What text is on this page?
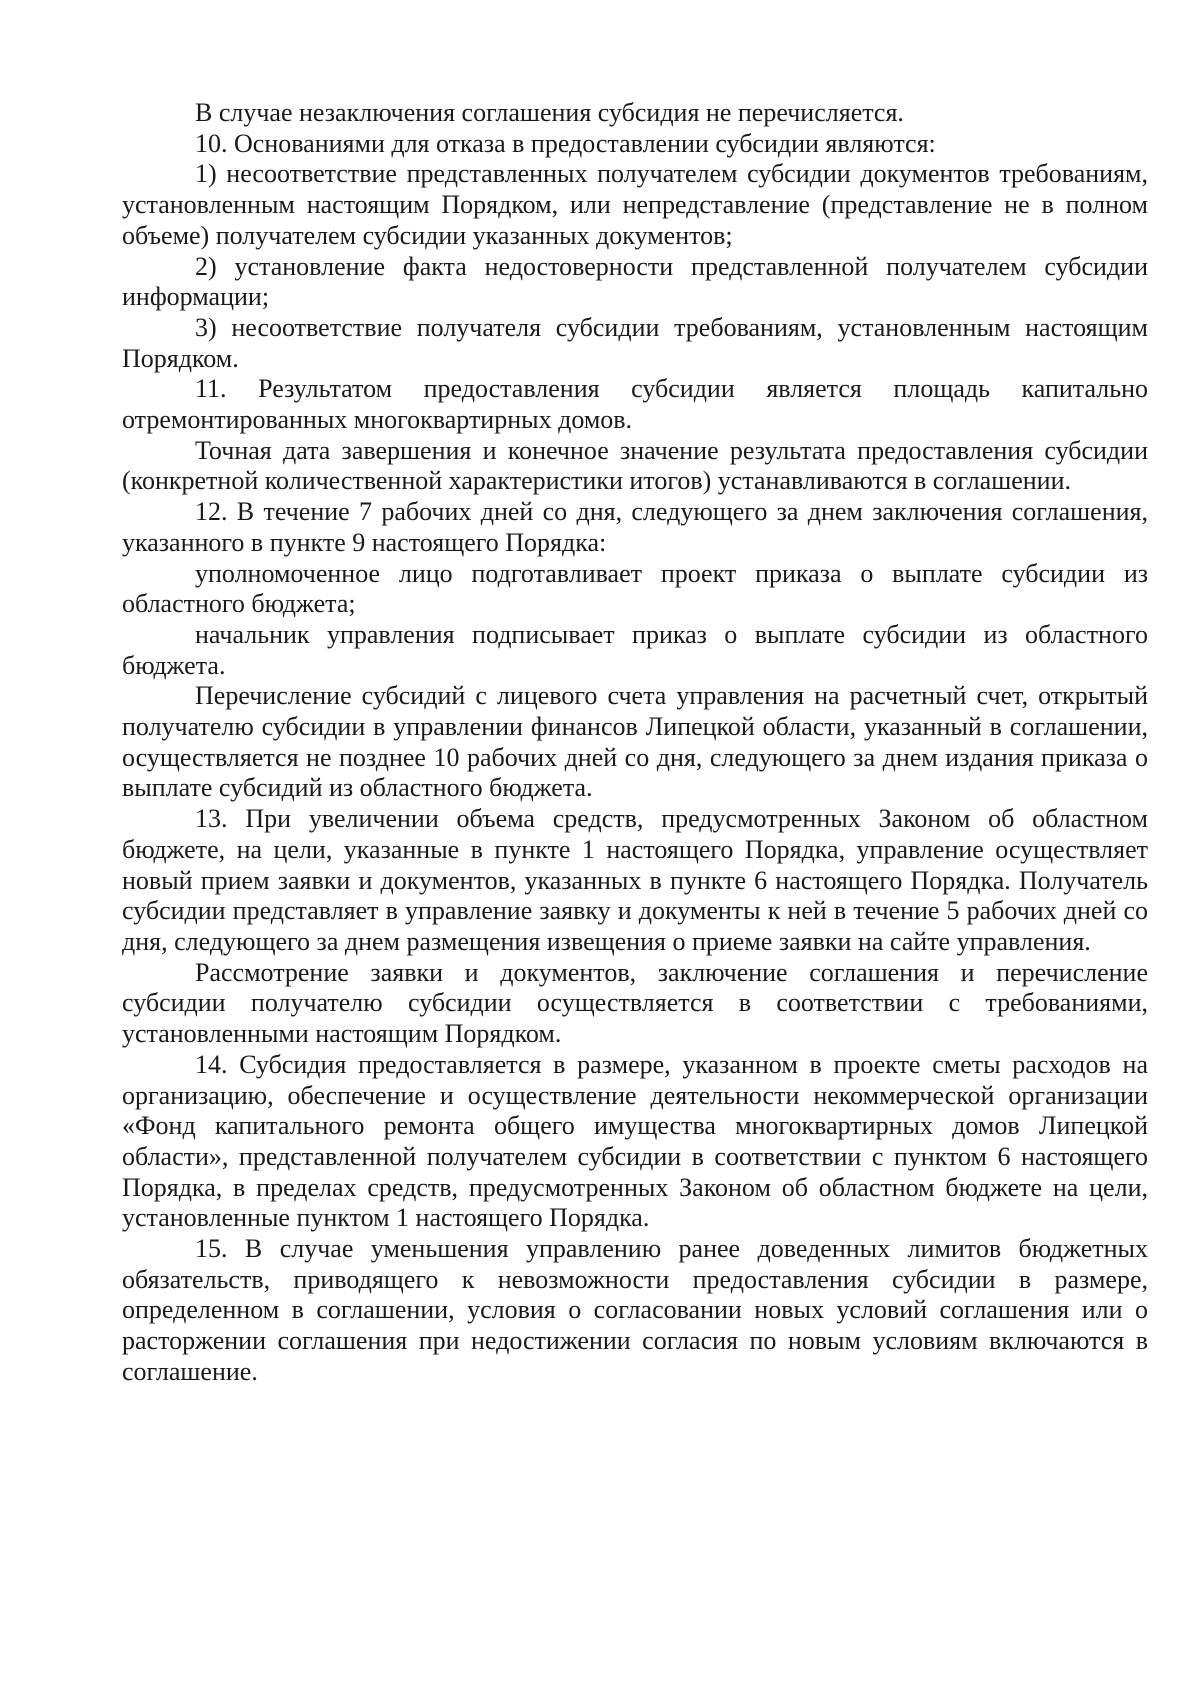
В случае незаключения соглашения субсидия не перечисляется.

10. Основаниями для отказа в предоставлении субсидии являются:

1) несоответствие представленных получателем субсидии документов требованиям, установленным настоящим Порядком, или непредставление (представление не в полном объеме) получателем субсидии указанных документов;

2) установление факта недостоверности представленной получателем субсидии информации;

3) несоответствие получателя субсидии требованиям, установленным настоящим Порядком.

11. Результатом предоставления субсидии является площадь капитально отремонтированных многоквартирных домов.

Точная дата завершения и конечное значение результата предоставления субсидии (конкретной количественной характеристики итогов) устанавливаются в соглашении.

12. В течение 7 рабочих дней со дня, следующего за днем заключения соглашения, указанного в пункте 9 настоящего Порядка:

уполномоченное лицо подготавливает проект приказа о выплате субсидии из областного бюджета;

начальник управления подписывает приказ о выплате субсидии из областного бюджета.

Перечисление субсидий с лицевого счета управления на расчетный счет, открытый получателю субсидии в управлении финансов Липецкой области, указанный в соглашении, осуществляется не позднее 10 рабочих дней со дня, следующего за днем издания приказа о выплате субсидий из областного бюджета.

13. При увеличении объема средств, предусмотренных Законом об областном бюджете, на цели, указанные в пункте 1 настоящего Порядка, управление осуществляет новый прием заявки и документов, указанных в пункте 6 настоящего Порядка. Получатель субсидии представляет в управление заявку и документы к ней в течение 5 рабочих дней со дня, следующего за днем размещения извещения о приеме заявки на сайте управления.

Рассмотрение заявки и документов, заключение соглашения и перечисление субсидии получателю субсидии осуществляется в соответствии с требованиями, установленными настоящим Порядком.

14. Субсидия предоставляется в размере, указанном в проекте сметы расходов на организацию, обеспечение и осуществление деятельности некоммерческой организации «Фонд капитального ремонта общего имущества многоквартирных домов Липецкой области», представленной получателем субсидии в соответствии с пунктом 6 настоящего Порядка, в пределах средств, предусмотренных Законом об областном бюджете на цели, установленные пунктом 1 настоящего Порядка.

15. В случае уменьшения управлению ранее доведенных лимитов бюджетных обязательств, приводящего к невозможности предоставления субсидии в размере, определенном в соглашении, условия о согласовании новых условий соглашения или о расторжении соглашения при недостижении согласия по новым условиям включаются в соглашение.
